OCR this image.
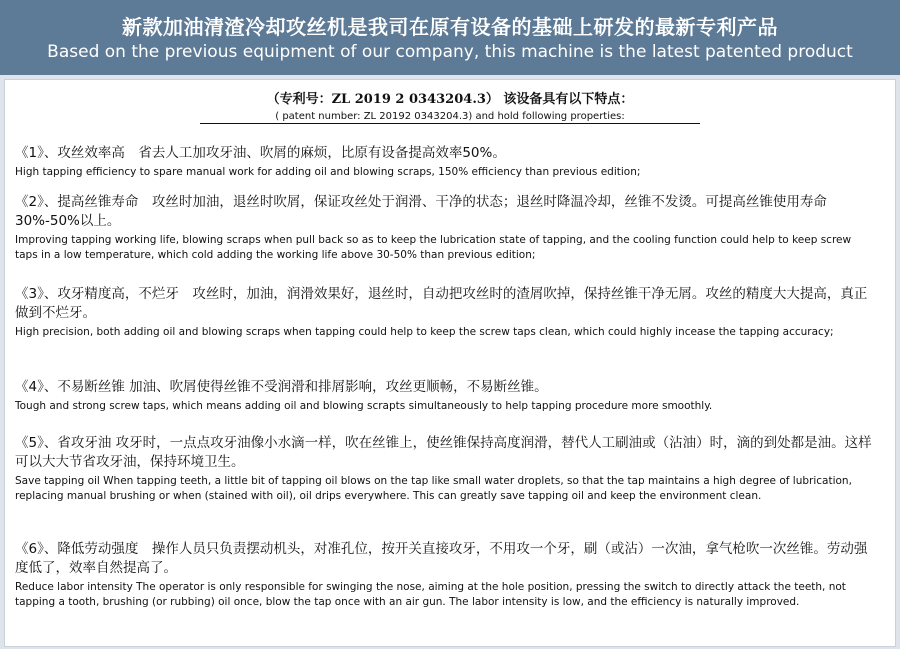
新款加油清渣冷却攻丝机是我司在原有设备的基础上研发的最新专利产品
Based on the previous equipment of our company, this machine is the latest patented product
（专利号：ZL 2019 2 0343204.3） 该设备具有以下特点：
( patent number: ZL 20192 0343204.3) and hold following properties:
《1》、攻丝效率高　省去人工加攻牙油、吹屑的麻烦，比原有设备提高效率50%。
High tapping efficiency to spare manual work for adding oil and blowing scraps, 150% efficiency than previous edition;
《2》、提高丝锥寿命　攻丝时加油，退丝时吹屑，保证攻丝处于润滑、干净的状态；退丝时降温冷却，丝锥不发烫。可提高丝锥使用寿命30%-50%以上。
Improving tapping working life, blowing scraps when pull back so as to keep the lubrication state of tapping, and the cooling function could help to keep screw taps in a low temperature, which cold adding the working life above 30-50% than previous edition;
《3》、攻牙精度高，不烂牙　攻丝时，加油，润滑效果好，退丝时，自动把攻丝时的渣屑吹掉，保持丝锥干净无屑。攻丝的精度大大提高，真正做到不烂牙。
High precision, both adding oil and blowing scraps when tapping could help to keep the screw taps clean, which could highly incease the tapping accuracy;
《4》、不易断丝锥 加油、吹屑使得丝锥不受润滑和排屑影响，攻丝更顺畅，不易断丝锥。
Tough and strong screw taps, which means adding oil and blowing scrapts simultaneously to help tapping procedure more smoothly.
《5》、省攻牙油 攻牙时，一点点攻牙油像小水滴一样，吹在丝锥上，使丝锥保持高度润滑，替代人工刷油或（沾油）时，滴的到处都是油。这样可以大大节省攻牙油，保持环境卫生。
Save tapping oil When tapping teeth, a little bit of tapping oil blows on the tap like small water droplets, so that the tap maintains a high degree of lubrication, replacing manual brushing or when (stained with oil), oil drips everywhere. This can greatly save tapping oil and keep the environment clean.
《6》、降低劳动强度　操作人员只负责摆动机头，对准孔位，按开关直接攻牙，不用攻一个牙，刷（或沾）一次油，拿气枪吹一次丝锥。劳动强度低了，效率自然提高了。
Reduce labor intensity The operator is only responsible for swinging the nose, aiming at the hole position, pressing the switch to directly attack the teeth, not tapping a tooth, brushing (or rubbing) oil once, blow the tap once with an air gun. The labor intensity is low, and the efficiency is naturally improved.
